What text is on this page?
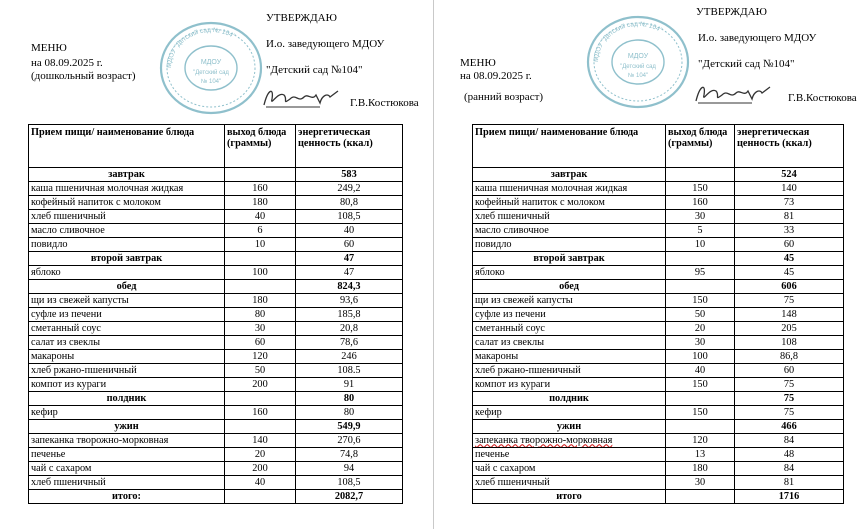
МЕНЮ
на 08.09.2025 г.
(дошкольный возраст)
МДОУ "Детский сад № 104"
МДОУ
"Детский сад
№ 104"
УТВЕРЖДАЮ
И.о. заведующего МДОУ
"Детский сад №104"
Г.В.Костюкова
Прием пищи/ наименование блюда	выход блюда (граммы)	энергетическая ценность (ккал)
завтрак		583
каша пшеничная молочная жидкая	160	249,2
кофейный напиток с молоком	180	80,8
хлеб пшеничный	40	108,5
масло сливочное	6	40
повидло	10	60
второй завтрак		47
яблоко	100	47
обед		824,3
щи из свежей капусты	180	93,6
суфле из печени	80	185,8
сметанный соус	30	20,8
салат из свеклы	60	78,6
макароны	120	246
хлеб ржано-пшеничный	50	108.5
компот из кураги	200	91
полдник		80
кефир	160	80
ужин		549,9
запеканка творожно-морковная	140	270,6
печенье	20	74,8
чай с сахаром	200	94
хлеб пшеничный	40	108,5
итого:		2082,7
МЕНЮ
на 08.09.2025 г.
(ранний возраст)
МДОУ "Детский сад № 104"
МДОУ
"Детский сад
№ 104"
УТВЕРЖДАЮ
И.о. заведующего МДОУ
"Детский сад №104"
Г.В.Костюкова
Прием пищи/ наименование блюда	выход блюда (граммы)	энергетическая ценность (ккал)
завтрак		524
каша пшеничная молочная жидкая	150	140
кофейный напиток с молоком	160	73
хлеб пшеничный	30	81
масло сливочное	5	33
повидло	10	60
второй завтрак		45
яблоко	95	45
обед		606
щи из свежей капусты	150	75
суфле из печени	50	148
сметанный соус	20	205
салат из свеклы	30	108
макароны	100	86,8
хлеб ржано-пшеничный	40	60
компот из кураги	150	75
полдник		75
кефир	150	75
ужин		466
запеканка творожно-морковная	120	84
печенье	13	48
чай с сахаром	180	84
хлеб пшеничный	30	81
итого		1716
